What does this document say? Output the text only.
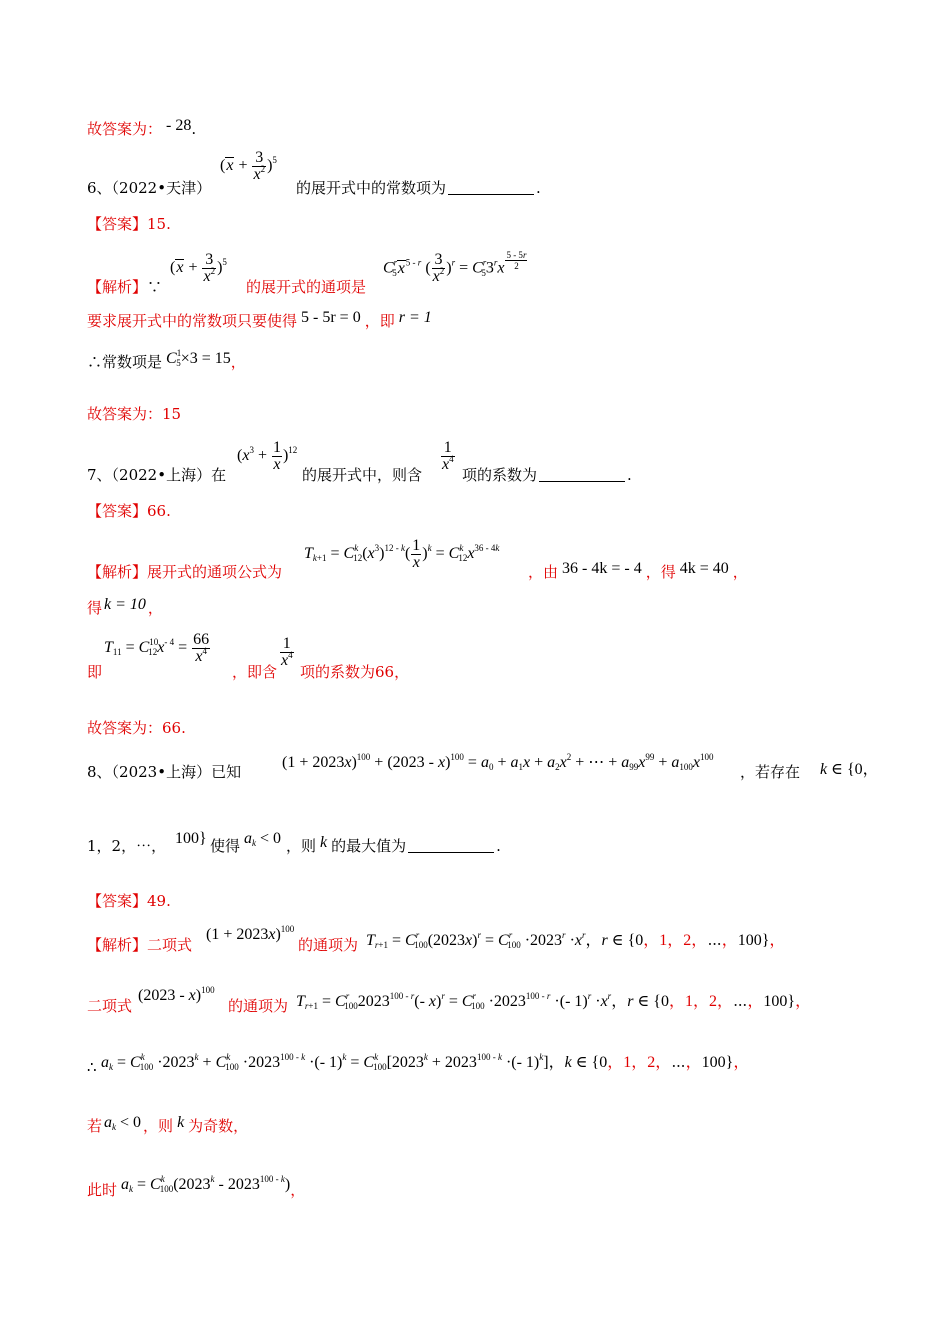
故答案为： - 28.
6、（2022•天津）
$(x + \frac{3}{x^2} )^5$
的展开式中的常数项为	.
【答案】15.
【解析】∵
$(x + \frac{3}{x^2} )^5$
的展开式的通项是
$C^r_5x^{5 - r}$ ( $\frac{3}{x^2} )^r = C^r_53^rx$ $^{\frac{5 - 5r}{2}}$
要求展开式中的常数项只要使得 5 - 5r = 0 ，即 r = 1
∴常数项是 $C^1_5\times 3 = 15$，
故答案为：15
7、（2022•上海）在
$(x^3 + \frac{1}{x} )^{12}$
的展开式中，则含
$\frac{1}{x^4}$
项的系数为	.
【答案】66.
【解析】展开式的通项公式为
$T_{k+1} = C^k_{12}(x^3)^{12 - k}( \frac{1}{x} )^k = C^k_{12}x^{36 - 4k}$
，由 36 - 4k = - 4 ，得 4k = 40 ，
得 k = 10 ，
即
$T_{11} = C^{10}_{12}x^{- 4} = \frac{66}{x^4}$
，即含
$\frac{1}{x^4}$
项的系数为66，
故答案为：66.
8、（2023•上海）已知
$(1 + 2023x)^{100} + (2023 - x)^{100} = a_0 + a_1x + a_2x^2$ + ⋯ + $a_{99}x^{99} + a_{100}x^{100}$
，若存在 k ∈ {0，
1，2，⋯， 100} 使得 $a_k < 0$ ，则 k 的最大值为	.
【答案】49.
【解析】二项式
$(1 + 2023x)^{100}$
的通项为 $T_{r+1} = C^r_{100}(2023x)^r = C^r_{100} \cdot 2023^r \cdot x^r$，r ∈ {0，1，2，⋯，100}，
二项式
(2023 - x)$^{100}$
的通项为 $T_{r+1} = C^r_{100}2023^{100 - r}(-$ $x)^r = C^r_{100} \cdot 2023^{100 - r}$ ·(- $1)^r \cdot x^r$，r ∈ {0，1，2，⋯，100}，
∴ $a_k = C^k_{100} \cdot 2023^k + C^k_{100} \cdot 2023^{100 - k}$ ·(- $1)^k = C^k_{100}[2023^k + 2023^{100 - k}$ ·(- 1)$^k$]，k ∈ {0，1，2，⋯，100}，
若 $a_k < 0$ ，则 k 为奇数，
此时 $a_k = C^k_{100}(2023^k - 2023^{100 - k})$，
